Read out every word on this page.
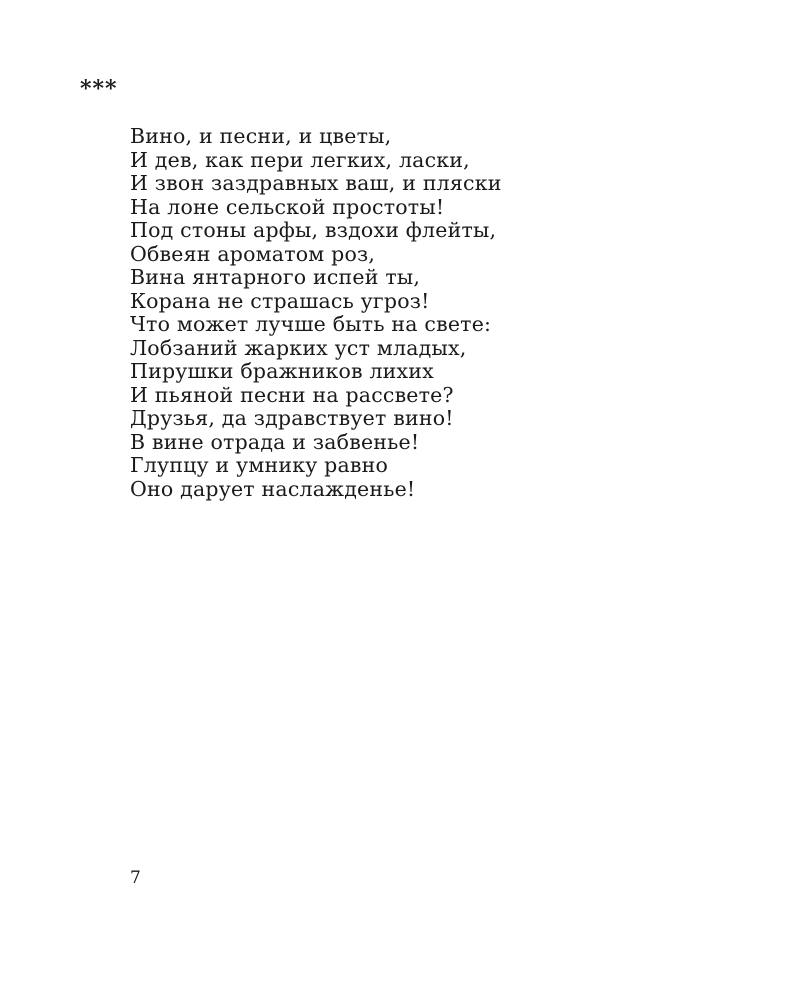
***
Вино, и песни, и цветы,
И дев, как пери легких, ласки,
И звон заздравных ваш, и пляски
На лоне сельской простоты!
Под стоны арфы, вздохи флейты,
Обвеян ароматом роз,
Вина янтарного испей ты,
Корана не страшась угроз!
Что может лучше быть на свете:
Лобзаний жарких уст младых,
Пирушки бражников лихих
И пьяной песни на рассвете?
Друзья, да здравствует вино!
В вине отрада и забвенье!
Глупцу и умнику равно
Оно дарует наслажденье!
7
